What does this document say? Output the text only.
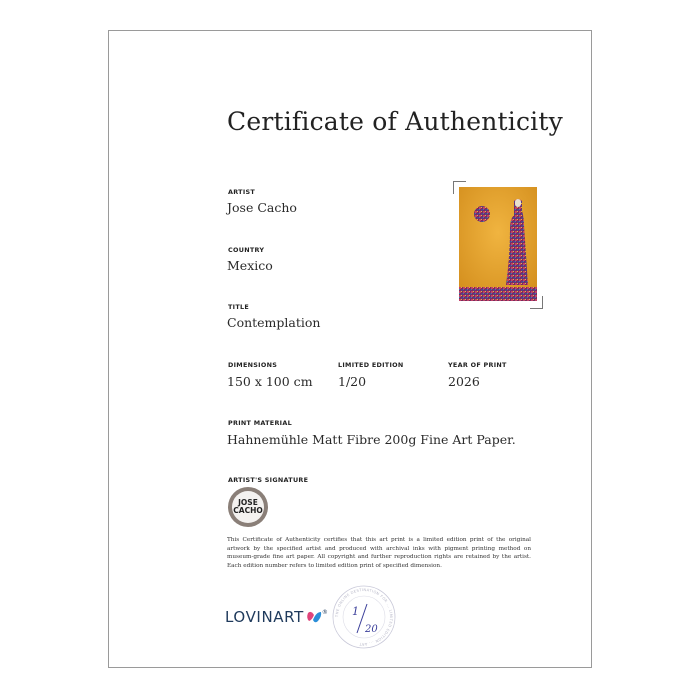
Certificate of Authenticity
ARTIST
Jose Cacho
COUNTRY
Mexico
TITLE
Contemplation
DIMENSIONS
150 x 100 cm
LIMITED EDITION
1/20
YEAR OF PRINT
2026
PRINT MATERIAL
Hahnemühle Matt Fibre 200g Fine Art Paper.
ARTIST'S SIGNATURE
JOSE
CACHO
This Certificate of Authenticity certifies that this art print is a limited edition print of the original artwork by the specified artist and produced with archival inks with pigment printing method on museum-grade fine art paper. All copyright and further reproduction rights are retained by the artist. Each edition number refers to limited edition print of specified dimension.
LOVINART	® THE ONLINE DESTINATION FOR ... LIMITED EDITION ... ART
1
20
